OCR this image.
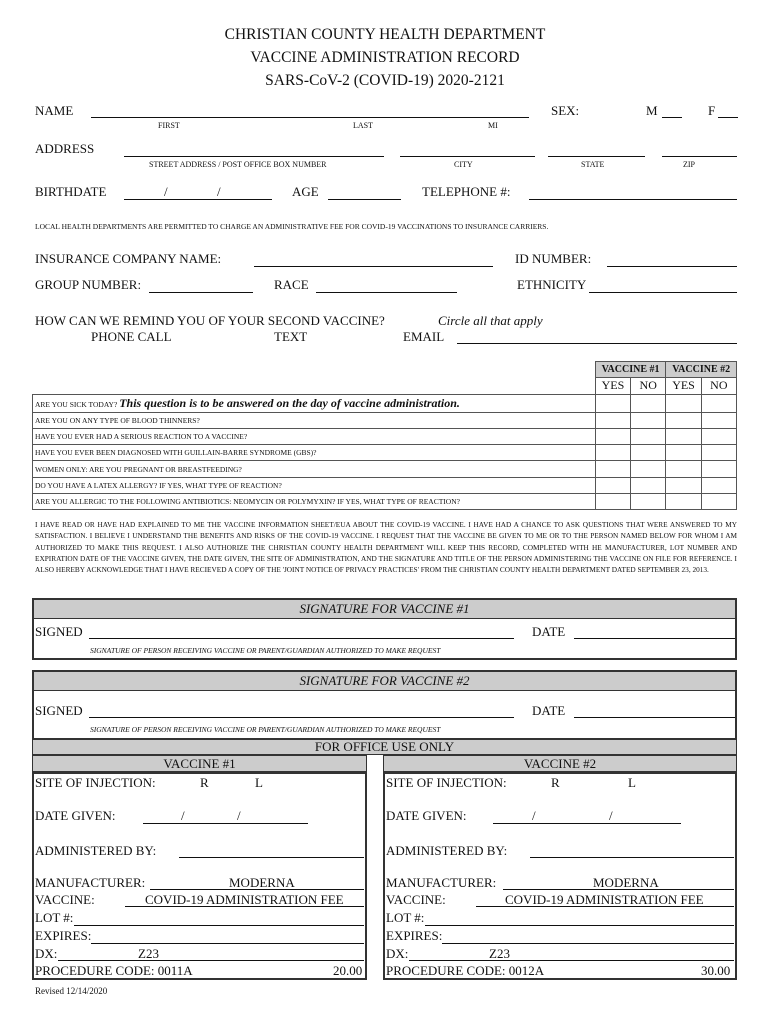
CHRISTIAN COUNTY HEALTH DEPARTMENT
VACCINE ADMINISTRATION RECORD
SARS-CoV-2 (COVID-19) 2020-2121
NAME
FIRST	LAST	MI
SEX:	M	F
ADDRESS
STREET ADDRESS / POST OFFICE BOX NUMBER	CITY	STATE	ZIP
BIRTHDATE	/	/	AGE	TELEPHONE #:
LOCAL HEALTH DEPARTMENTS ARE PERMITTED TO CHARGE AN ADMINISTRATIVE FEE FOR COVID-19 VACCINATIONS TO INSURANCE CARRIERS.
INSURANCE COMPANY NAME:	ID NUMBER:
GROUP NUMBER:	RACE	ETHNICITY
HOW CAN WE REMIND YOU OF YOUR SECOND VACCINE?	Circle all that apply
PHONE CALL	TEXT	EMAIL
	VACCINE #1		VACCINE #2	
	YES	NO	YES	NO
ARE YOU SICK TODAY? This question is to be answered on the day of vaccine administration.				
ARE YOU ON ANY TYPE OF BLOOD THINNERS?				
HAVE YOU EVER HAD A SERIOUS REACTION TO A VACCINE?				
HAVE YOU EVER BEEN DIAGNOSED WITH GUILLAIN-BARRE SYNDROME (GBS)?				
WOMEN ONLY: ARE YOU PREGNANT OR BREASTFEEDING?				
DO YOU HAVE A LATEX ALLERGY? IF YES, WHAT TYPE OF REACTION?				
ARE YOU ALLERGIC TO THE FOLLOWING ANTIBIOTICS: NEOMYCIN OR POLYMYXIN? IF YES, WHAT TYPE OF REACTION?				
I HAVE READ OR HAVE HAD EXPLAINED TO ME THE VACCINE INFORMATION SHEET/EUA ABOUT THE COVID-19 VACCINE. I HAVE HAD A CHANCE TO ASK QUESTIONS THAT WERE ANSWERED TO MY SATISFACTION. I BELIEVE I UNDERSTAND THE BENEFITS AND RISKS OF THE COVID-19 VACCINE. I REQUEST THAT THE VACCINE BE GIVEN TO ME OR TO THE PERSON NAMED BELOW FOR WHOM I AM AUTHORIZED TO MAKE THIS REQUEST. I ALSO AUTHORIZE THE CHRISTIAN COUNTY HEALTH DEPARTMENT WILL KEEP THIS RECORD, COMPLETED WITH HE MANUFACTURER, LOT NUMBER AND EXPIRATION DATE OF THE VACCINE GIVEN, THE DATE GIVEN, THE SITE OF ADMINISTRATION, AND THE SIGNATURE AND TITLE OF THE PERSON ADMINISTERING THE VACCINE ON FILE FOR REFERENCE. I ALSO HEREBY ACKNOWLEDGE THAT I HAVE RECIEVED A COPY OF THE 'JOINT NOTICE OF PRIVACY PRACTICES' FROM THE CHRISTIAN COUNTY HEALTH DEPARTMENT DATED SEPTEMBER 23, 2013.
SIGNATURE FOR VACCINE #1
SIGNED	DATE
SIGNATURE OF PERSON RECEIVING VACCINE OR PARENT/GUARDIAN AUTHORIZED TO MAKE REQUEST
SIGNATURE FOR VACCINE #2
SIGNED	DATE
SIGNATURE OF PERSON RECEIVING VACCINE OR PARENT/GUARDIAN AUTHORIZED TO MAKE REQUEST
FOR OFFICE USE ONLY
VACCINE #1
SITE OF INJECTION:	R	L
DATE GIVEN:	/	/
ADMINISTERED BY:
MANUFACTURER:	MODERNA
VACCINE:	COVID-19 ADMINISTRATION FEE
LOT #:
EXPIRES:
DX:	Z23
PROCEDURE CODE: 0011A	20.00
VACCINE #2
SITE OF INJECTION:	R	L
DATE GIVEN:	/	/
ADMINISTERED BY:
MANUFACTURER:	MODERNA
VACCINE:	COVID-19 ADMINISTRATION FEE
LOT #:
EXPIRES:
DX:	Z23
PROCEDURE CODE: 0012A	30.00
Revised 12/14/2020
